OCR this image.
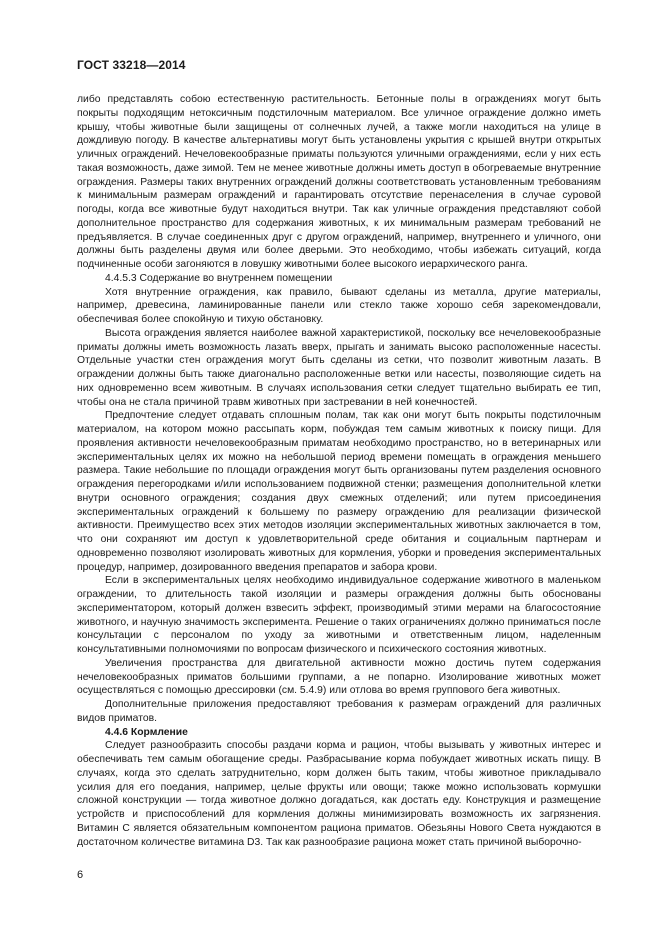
ГОСТ 33218—2014

либо представлять собою естественную растительность. Бетонные полы в ограждениях могут быть покрыты подходящим нетоксичным подстилочным материалом. Все уличное ограждение должно иметь крышу, чтобы животные были защищены от солнечных лучей, а также могли находиться на улице в дождливую погоду. В качестве альтернативы могут быть установлены укрытия с крышей внутри открытых уличных ограждений. Нечеловекообразные приматы пользуются уличными ограждениями, если у них есть такая возможность, даже зимой. Тем не менее животные должны иметь доступ в обогреваемые внутренние ограждения. Размеры таких внутренних ограждений должны соответствовать установленным требованиям к минимальным размерам ограждений и гарантировать отсутствие перенаселения в случае суровой погоды, когда все животные будут находиться внутри. Так как уличные ограждения представляют собой дополнительное пространство для содержания животных, к их минимальным размерам требований не предъявляется. В случае соединенных друг с другом ограждений, например, внутреннего и уличного, они должны быть разделены двумя или более дверьми. Это необходимо, чтобы избежать ситуаций, когда подчиненные особи загоняются в ловушку животными более высокого иерархического ранга.

4.4.5.3 Содержание во внутреннем помещении

Хотя внутренние ограждения, как правило, бывают сделаны из металла, другие материалы, например, древесина, ламинированные панели или стекло также хорошо себя зарекомендовали, обеспечивая более спокойную и тихую обстановку.

Высота ограждения является наиболее важной характеристикой, поскольку все нечеловекообразные приматы должны иметь возможность лазать вверх, прыгать и занимать высоко расположенные насесты. Отдельные участки стен ограждения могут быть сделаны из сетки, что позволит животным лазать. В ограждении должны быть также диагонально расположенные ветки или насесты, позволяющие сидеть на них одновременно всем животным. В случаях использования сетки следует тщательно выбирать ее тип, чтобы она не стала причиной травм животных при застревании в ней конечностей.

Предпочтение следует отдавать сплошным полам, так как они могут быть покрыты подстилочным материалом, на котором можно рассыпать корм, побуждая тем самым животных к поиску пищи. Для проявления активности нечеловекообразным приматам необходимо пространство, но в ветеринарных или экспериментальных целях их можно на небольшой период времени помещать в ограждения меньшего размера. Такие небольшие по площади ограждения могут быть организованы путем разделения основного ограждения перегородками и/или использованием подвижной стенки; размещения дополнительной клетки внутри основного ограждения; создания двух смежных отделений; или путем присоединения экспериментальных ограждений к большему по размеру ограждению для реализации физической активности. Преимущество всех этих методов изоляции экспериментальных животных заключается в том, что они сохраняют им доступ к удовлетворительной среде обитания и социальным партнерам и одновременно позволяют изолировать животных для кормления, уборки и проведения экспериментальных процедур, например, дозированного введения препаратов и забора крови.

Если в экспериментальных целях необходимо индивидуальное содержание животного в маленьком ограждении, то длительность такой изоляции и размеры ограждения должны быть обоснованы экспериментатором, который должен взвесить эффект, производимый этими мерами на благосостояние животного, и научную значимость эксперимента. Решение о таких ограничениях должно приниматься после консультации с персоналом по уходу за животными и ответственным лицом, наделенным консультативными полномочиями по вопросам физического и психического состояния животных.

Увеличения пространства для двигательной активности можно достичь путем содержания нечеловекообразных приматов большими группами, а не попарно. Изолирование животных может осуществляться с помощью дрессировки (см. 5.4.9) или отлова во время группового бега животных.

Дополнительные приложения предоставляют требования к размерам ограждений для различных видов приматов.

4.4.6 Кормление

Следует разнообразить способы раздачи корма и рацион, чтобы вызывать у животных интерес и обеспечивать тем самым обогащение среды. Разбрасывание корма побуждает животных искать пищу. В случаях, когда это сделать затруднительно, корм должен быть таким, чтобы животное прикладывало усилия для его поедания, например, целые фрукты или овощи; также можно использовать кормушки сложной конструкции — тогда животное должно догадаться, как достать еду. Конструкция и размещение устройств и приспособлений для кормления должны минимизировать возможность их загрязнения. Витамин С является обязательным компонентом рациона приматов. Обезьяны Нового Света нуждаются в достаточном количестве витамина D3. Так как разнообразие рациона может стать причиной выборочно-

6
